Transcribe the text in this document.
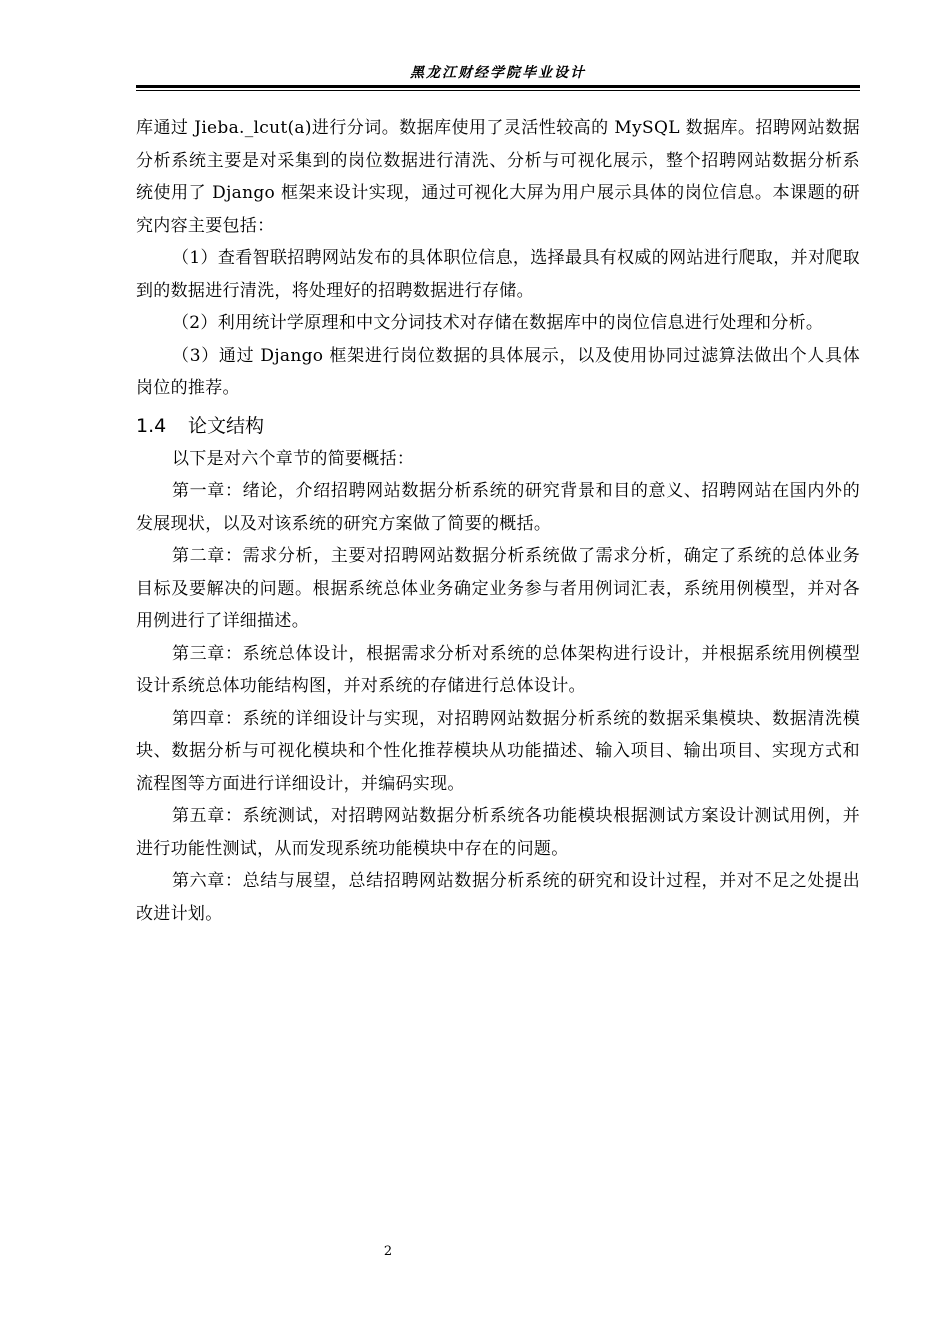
黑龙江财经学院毕业设计

库通过 Jieba._lcut(a)进行分词。数据库使用了灵活性较高的 MySQL 数据库。招聘网站数据分析系统主要是对采集到的岗位数据进行清洗、分析与可视化展示，整个招聘网站数据分析系统使用了 Django 框架来设计实现，通过可视化大屏为用户展示具体的岗位信息。本课题的研究内容主要包括：

（1）查看智联招聘网站发布的具体职位信息，选择最具有权威的网站进行爬取，并对爬取到的数据进行清洗，将处理好的招聘数据进行存储。

（2）利用统计学原理和中文分词技术对存储在数据库中的岗位信息进行处理和分析。

（3）通过 Django 框架进行岗位数据的具体展示，以及使用协同过滤算法做出个人具体岗位的推荐。

1.4 论文结构

以下是对六个章节的简要概括：

第一章：绪论，介绍招聘网站数据分析系统的研究背景和目的意义、招聘网站在国内外的发展现状，以及对该系统的研究方案做了简要的概括。

第二章：需求分析，主要对招聘网站数据分析系统做了需求分析，确定了系统的总体业务目标及要解决的问题。根据系统总体业务确定业务参与者用例词汇表，系统用例模型，并对各用例进行了详细描述。

第三章：系统总体设计，根据需求分析对系统的总体架构进行设计，并根据系统用例模型设计系统总体功能结构图，并对系统的存储进行总体设计。

第四章：系统的详细设计与实现，对招聘网站数据分析系统的数据采集模块、数据清洗模块、数据分析与可视化模块和个性化推荐模块从功能描述、输入项目、输出项目、实现方式和流程图等方面进行详细设计，并编码实现。

第五章：系统测试，对招聘网站数据分析系统各功能模块根据测试方案设计测试用例，并进行功能性测试，从而发现系统功能模块中存在的问题。

第六章：总结与展望，总结招聘网站数据分析系统的研究和设计过程，并对不足之处提出改进计划。

2
